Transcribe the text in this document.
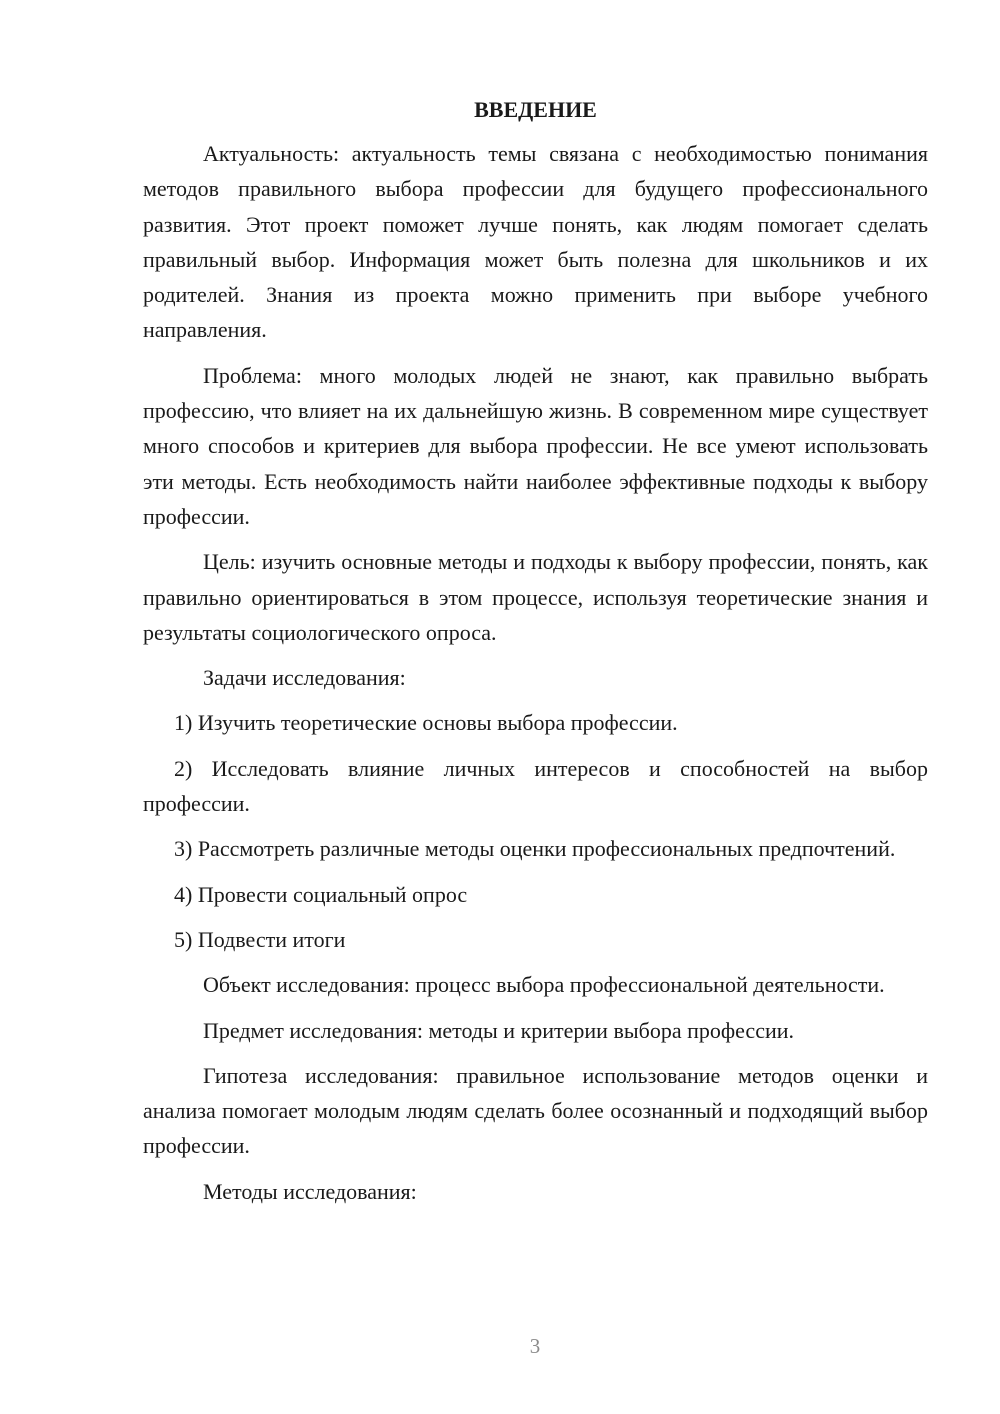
ВВЕДЕНИЕ

Актуальность: актуальность темы связана с необходимостью понимания методов правильного выбора профессии для будущего профессионального развития. Этот проект поможет лучше понять, как людям помогает сделать правильный выбор. Информация может быть полезна для школьников и их родителей. Знания из проекта можно применить при выборе учебного направления.

Проблема: много молодых людей не знают, как правильно выбрать профессию, что влияет на их дальнейшую жизнь. В современном мире существует много способов и критериев для выбора профессии. Не все умеют использовать эти методы. Есть необходимость найти наиболее эффективные подходы к выбору профессии.

Цель: изучить основные методы и подходы к выбору профессии, понять, как правильно ориентироваться в этом процессе, используя теоретические знания и результаты социологического опроса.

Задачи исследования:

1) Изучить теоретические основы выбора профессии.

2) Исследовать влияние личных интересов и способностей на выбор профессии.

3) Рассмотреть различные методы оценки профессиональных предпочтений.

4) Провести социальный опрос

5) Подвести итоги

Объект исследования: процесс выбора профессиональной деятельности.

Предмет исследования: методы и критерии выбора профессии.

Гипотеза исследования: правильное использование методов оценки и анализа помогает молодым людям сделать более осознанный и подходящий выбор профессии.

Методы исследования:

3
